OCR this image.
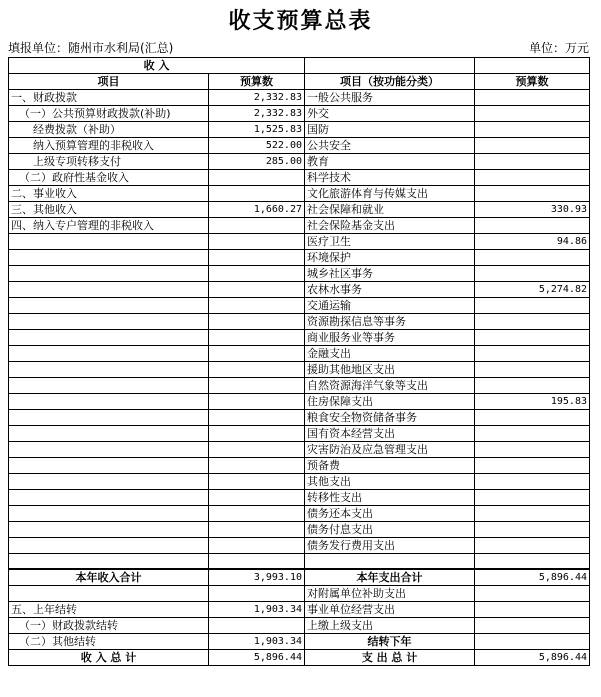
收支预算总表
填报单位：随州市水利局(汇总)	单位：万元
收 入			
项目	预算数	项目（按功能分类）	预算数
一、财政拨款	2,332.83	一般公共服务	
（一）公共预算财政拨款(补助)	2,332.83	外交	
经费拨款（补助）	1,525.83	国防	
纳入预算管理的非税收入	522.00	公共安全	
上级专项转移支付	285.00	教育	
（二）政府性基金收入		科学技术	
二、事业收入		文化旅游体育与传媒支出	
三、其他收入	1,660.27	社会保障和就业	330.93
四、纳入专户管理的非税收入		社会保险基金支出	
		医疗卫生	94.86
		环境保护	
		城乡社区事务	
		农林水事务	5,274.82
		交通运输	
		资源勘探信息等事务	
		商业服务业等事务	
		金融支出	
		援助其他地区支出	
		自然资源海洋气象等支出	
		住房保障支出	195.83
		粮食安全物资储备事务	
		国有资本经营支出	
		灾害防治及应急管理支出	
		预备费	
		其他支出	
		转移性支出	
		债务还本支出	
		债务付息支出	
		债务发行费用支出	

本年收入合计	3,993.10	本年支出合计	5,896.44
		对附属单位补助支出	
五、上年结转	1,903.34	事业单位经营支出	
（一）财政拨款结转		上缴上级支出	
（二）其他结转	1,903.34	结转下年	
收 入 总 计	5,896.44	支 出 总 计	5,896.44
